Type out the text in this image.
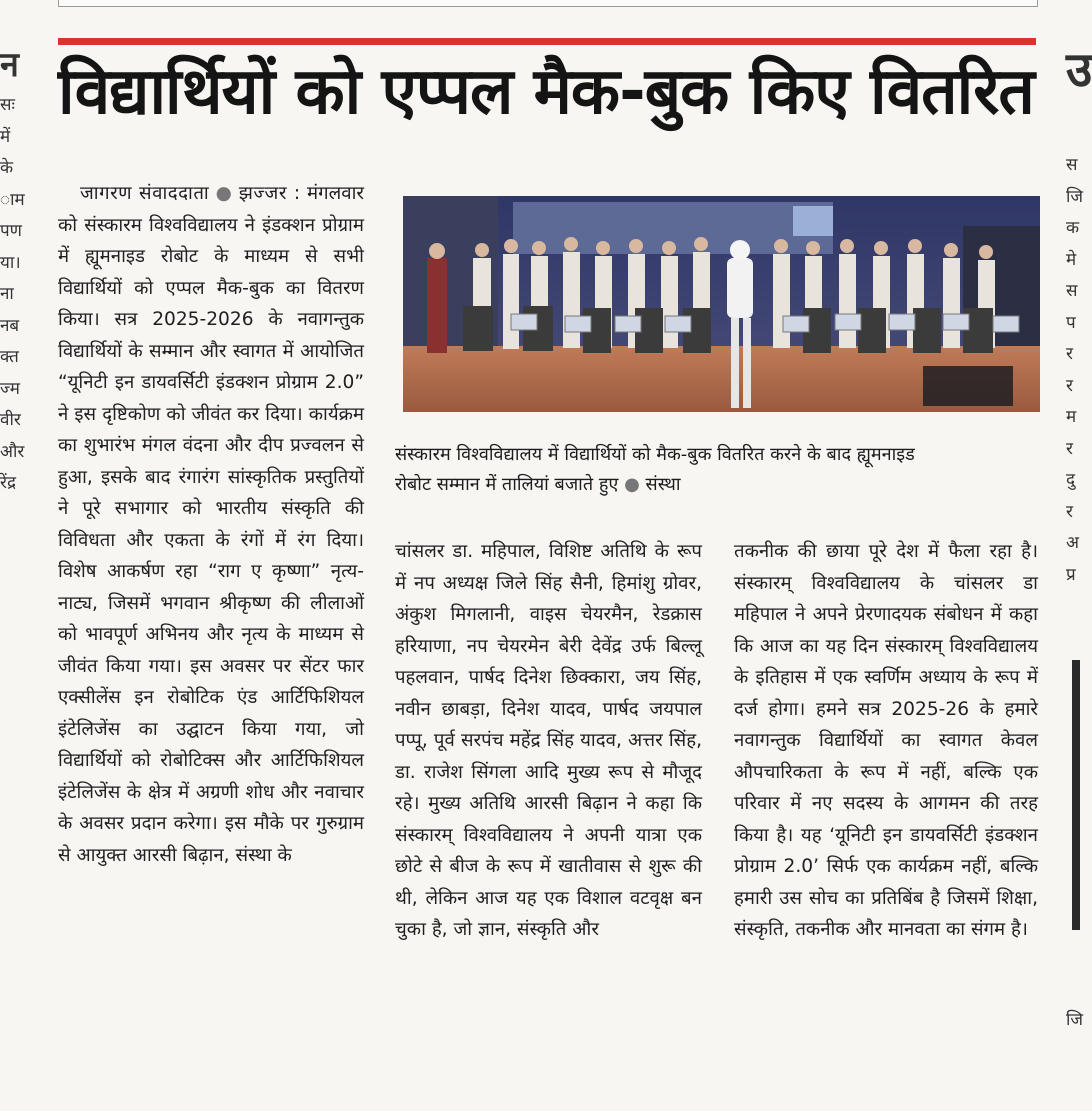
न
सः
में
के
ाम
पण
या।
ना
नब
क्त
ज्म
वीर
और
रेंद्र
उ
स
जि
क
मे
स
प
र
र
म
र
दु
र
अ
प्र
जि
विद्यार्थियों को एप्पल मैक-बुक किए वितरित

जागरण संवाददाता ● झज्जर : मंगलवार को संस्कारम विश्वविद्यालय ने इंडक्शन प्रोग्राम में ह्यूमनाइड रोबोट के माध्यम से सभी विद्यार्थियों को एप्पल मैक-बुक का वितरण किया। सत्र 2025-2026 के नवागन्तुक विद्यार्थियों के सम्मान और स्वागत में आयोजित “यूनिटी इन डायवर्सिटी इंडक्शन प्रोग्राम 2.0” ने इस दृष्टिकोण को जीवंत कर दिया। कार्यक्रम का शुभारंभ मंगल वंदना और दीप प्रज्वलन से हुआ, इसके बाद रंगारंग सांस्कृतिक प्रस्तुतियों ने पूरे सभागार को भारतीय संस्कृति की विविधता और एकता के रंगों में रंग दिया। विशेष आकर्षण रहा “राग ए कृष्णा” नृत्य-नाट्य, जिसमें भगवान श्रीकृष्ण की लीलाओं को भावपूर्ण अभिनय और नृत्य के माध्यम से जीवंत किया गया। इस अवसर पर सेंटर फार एक्सीलेंस इन रोबोटिक एंड आर्टिफिशियल इंटेलिजेंस का उद्घाटन किया गया, जो विद्यार्थियों को रोबोटिक्स और आर्टिफिशियल इंटेलिजेंस के क्षेत्र में अग्रणी शोध और नवाचार के अवसर प्रदान करेगा। इस मौके पर गुरुग्राम से आयुक्त आरसी बिढ़ान, संस्था के

संस्कारम विश्वविद्यालय में विद्यार्थियों को मैक-बुक वितरित करने के बाद ह्यूमनाइड

रोबोट सम्मान में तालियां बजाते हुए ● संस्था

चांसलर डा. महिपाल, विशिष्ट अतिथि के रूप में नप अध्यक्ष जिले सिंह सैनी, हिमांशु ग्रोवर, अंकुश मिगलानी, वाइस चेयरमैन, रेडक्रास हरियाणा, नप चेयरमेन बेरी देवेंद्र उर्फ बिल्लू पहलवान, पार्षद दिनेश छिक्कारा, जय सिंह, नवीन छाबड़ा, दिनेश यादव, पार्षद जयपाल पप्पू, पूर्व सरपंच महेंद्र सिंह यादव, अत्तर सिंह, डा. राजेश सिंगला आदि मुख्य रूप से मौजूद रहे। मुख्य अतिथि आरसी बिढ़ान ने कहा कि संस्कारम् विश्वविद्यालय ने अपनी यात्रा एक छोटे से बीज के रूप में खातीवास से शुरू की थी, लेकिन आज यह एक विशाल वटवृक्ष बन चुका है, जो ज्ञान, संस्कृति और

तकनीक की छाया पूरे देश में फैला रहा है। संस्कारम् विश्वविद्यालय के चांसलर डा महिपाल ने अपने प्रेरणादयक संबोधन में कहा कि आज का यह दिन संस्कारम् विश्वविद्यालय के इतिहास में एक स्वर्णिम अध्याय के रूप में दर्ज होगा। हमने सत्र 2025-26 के हमारे नवागन्तुक विद्यार्थियों का स्वागत केवल औपचारिकता के रूप में नहीं, बल्कि एक परिवार में नए सदस्य के आगमन की तरह किया है। यह ‘यूनिटी इन डायवर्सिटी इंडक्शन प्रोग्राम 2.0’ सिर्फ एक कार्यक्रम नहीं, बल्कि हमारी उस सोच का प्रतिबिंब है जिसमें शिक्षा, संस्कृति, तकनीक और मानवता का संगम है।
